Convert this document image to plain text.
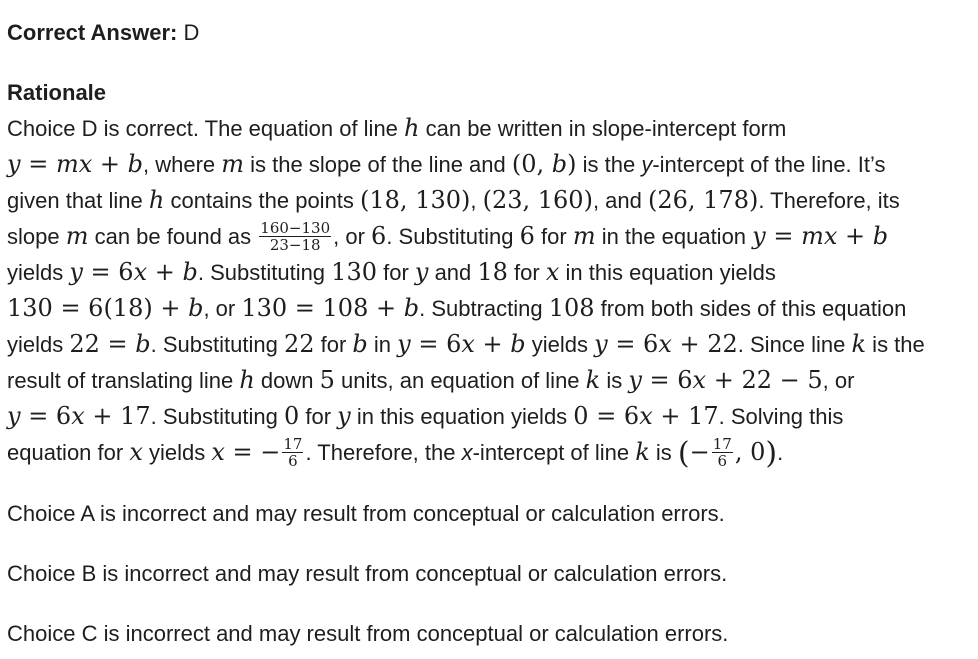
Correct Answer: D
Rationale
Choice D is correct. The equation of line h can be written in slope-intercept form
y = mx + b, where m is the slope of the line and (0, b) is the y-intercept of the line. It’s
given that line h contains the points (18, 130), (23, 160), and (26, 178). Therefore, its
slope m can be found as $\frac{160-130}{23-18}$ , or 6. Substituting 6 for m in the equation y = mx + b
yields y = 6x + b. Substituting 130 for y and 18 for x in this equation yields
130 = 6(18) + b, or 130 = 108 + b. Subtracting 108 from both sides of this equation
yields 22 = b. Substituting 22 for b in y = 6x + b yields y = 6x + 22. Since line k is the
result of translating line h down 5 units, an equation of line k is y = 6x + 22 − 5, or
y = 6x + 17. Substituting 0 for y in this equation yields 0 = 6x + 17. Solving this
equation for x yields x = − $\frac{17}{6}$ . Therefore, the x-intercept of line k is (− $\frac{17}{6}$ , 0).
Choice A is incorrect and may result from conceptual or calculation errors.
Choice B is incorrect and may result from conceptual or calculation errors.
Choice C is incorrect and may result from conceptual or calculation errors.
